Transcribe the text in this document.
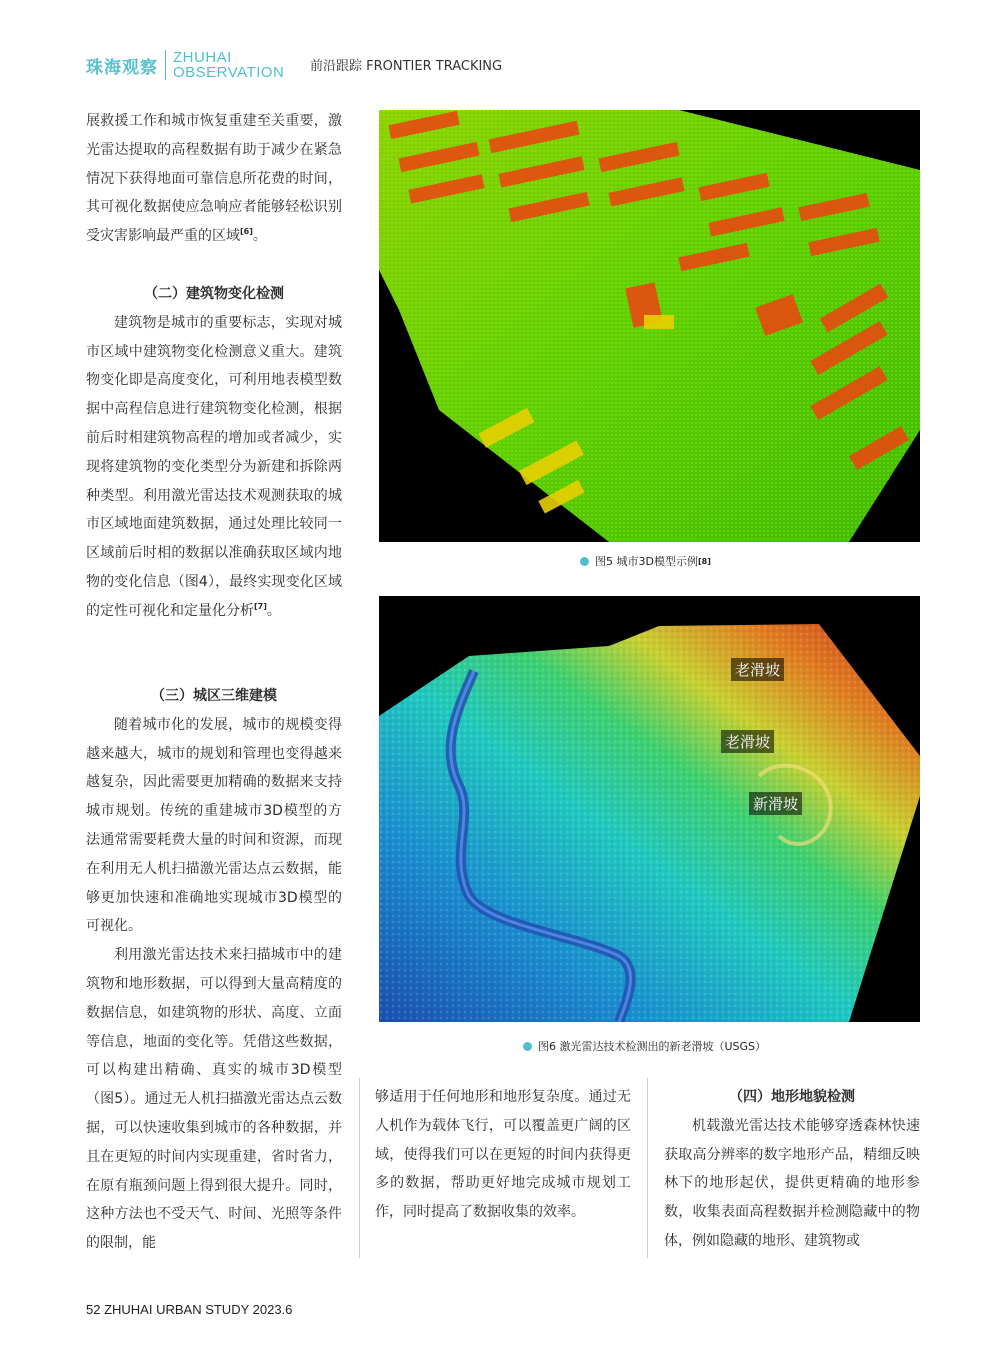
珠海观察 ZHUHAI
OBSERVATION 前沿跟踪 FRONTIER TRACKING

展救援工作和城市恢复重建至关重要，激光雷达提取的高程数据有助于减少在紧急情况下获得地面可靠信息所花费的时间，其可视化数据使应急响应者能够轻松识别受灾害影响最严重的区域[6]。

（二）建筑物变化检测

建筑物是城市的重要标志，实现对城市区域中建筑物变化检测意义重大。建筑物变化即是高度变化，可利用地表模型数据中高程信息进行建筑物变化检测，根据前后时相建筑物高程的增加或者减少，实现将建筑物的变化类型分为新建和拆除两种类型。利用激光雷达技术观测获取的城市区域地面建筑数据，通过处理比较同一区域前后时相的数据以准确获取区域内地物的变化信息（图4），最终实现变化区域的定性可视化和定量化分析[7]。

（三）城区三维建模

随着城市化的发展，城市的规模变得越来越大，城市的规划和管理也变得越来越复杂，因此需要更加精确的数据来支持城市规划。传统的重建城市3D模型的方法通常需要耗费大量的时间和资源，而现在利用无人机扫描激光雷达点云数据，能够更加快速和准确地实现城市3D模型的可视化。

利用激光雷达技术来扫描城市中的建筑物和地形数据，可以得到大量高精度的数据信息，如建筑物的形状、高度、立面等信息，地面的变化等。凭借这些数据，可以构建出精确、真实的城市3D模型（图5）。通过无人机扫描激光雷达点云数据，可以快速收集到城市的各种数据，并且在更短的时间内实现重建，省时省力，在原有瓶颈问题上得到很大提升。同时，这种方法也不受天气、时间、光照等条件的限制，能

够适用于任何地形和地形复杂度。通过无人机作为载体飞行，可以覆盖更广阔的区域，使得我们可以在更短的时间内获得更多的数据，帮助更好地完成城市规划工作，同时提高了数据收集的效率。

（四）地形地貌检测

机载激光雷达技术能够穿透森林快速获取高分辨率的数字地形产品，精细反映林下的地形起伏，提供更精确的地形参数，收集表面高程数据并检测隐藏中的物体，例如隐藏的地形、建筑物或

图5 城市3D模型示例 [8]
老滑坡
老滑坡
新滑坡
图6 激光雷达技术检测出的新老滑坡（USGS）
52 ZHUHAI URBAN STUDY 2023.6
